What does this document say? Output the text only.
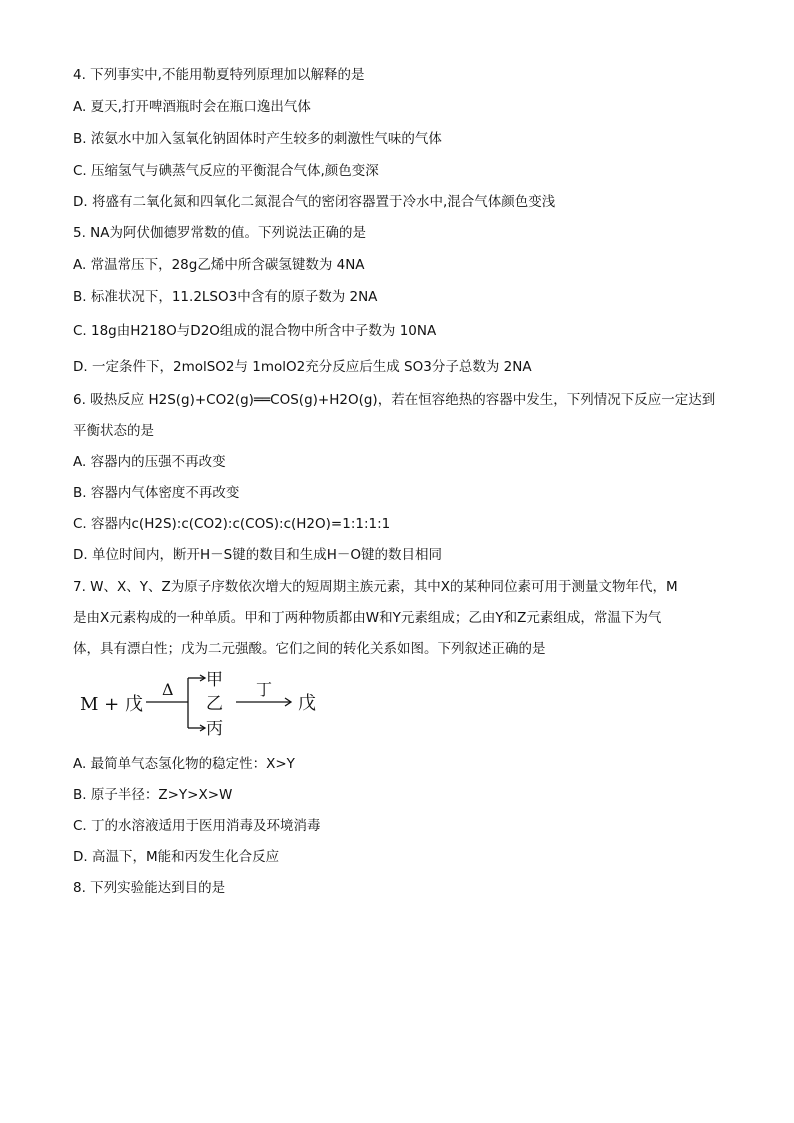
4. 下列事实中,不能用勒夏特列原理加以解释的是
A. 夏天,打开啤酒瓶时会在瓶口逸出气体
B. 浓氨水中加入氢氧化钠固体时产生较多的刺激性气味的气体
C. 压缩氢气与碘蒸气反应的平衡混合气体,颜色变深
D. 将盛有二氧化氮和四氧化二氮混合气的密闭容器置于冷水中,混合气体颜色变浅
5. NA为阿伏伽德罗常数的值。下列说法正确的是
A. 常温常压下，28g乙烯中所含碳氢键数为 4NA
B. 标准状况下，11.2LSO3中含有的原子数为 2NA
C. 18g由H218O与D2O组成的混合物中所含中子数为 10NA
D. 一定条件下，2molSO2与 1molO2充分反应后生成 SO3分子总数为 2NA
6. 吸热反应 H2S(g)+CO2(g)══COS(g)+H2O(g)，若在恒容绝热的容器中发生，下列情况下反应一定达到
平衡状态的是
A. 容器内的压强不再改变
B. 容器内气体密度不再改变
C. 容器内c(H2S):c(CO2):c(COS):c(H2O)=1:1:1:1
D. 单位时间内，断开H－S键的数目和生成H－O键的数目相同
7. W、X、Y、Z为原子序数依次增大的短周期主族元素，其中X的某种同位素可用于测量文物年代，M
是由X元素构成的一种单质。甲和丁两种物质都由W和Y元素组成；乙由Y和Z元素组成，常温下为气
体，具有漂白性；戊为二元强酸。它们之间的转化关系如图。下列叙述正确的是
M + 戊
Δ 甲
乙
丙
丁
戊
A. 最简单气态氢化物的稳定性：X>Y
B. 原子半径：Z>Y>X>W
C. 丁的水溶液适用于医用消毒及环境消毒
D. 高温下，M能和丙发生化合反应
8. 下列实验能达到目的是
